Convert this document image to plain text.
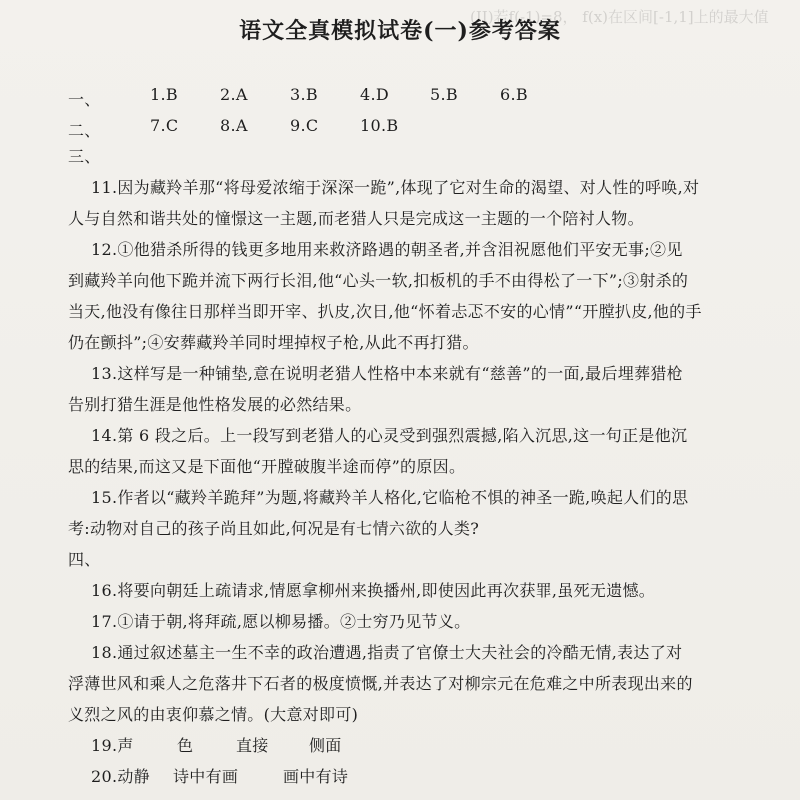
(II)若f(-1)=8， f(x)在区间[-1,1]上的最大值
语文全真模拟试卷(一)参考答案
一、	1.B	2.A	3.B	4.D	5.B	6.B
二、	7.C	8.A	9.C	10.B
三、
11.因为藏羚羊那“将母爱浓缩于深深一跪”,体现了它对生命的渴望、对人性的呼唤,对
人与自然和谐共处的憧憬这一主题,而老猎人只是完成这一主题的一个陪衬人物。
12.①他猎杀所得的钱更多地用来救济路遇的朝圣者,并含泪祝愿他们平安无事;②见
到藏羚羊向他下跪并流下两行长泪,他“心头一软,扣板机的手不由得松了一下”;③射杀的
当天,他没有像往日那样当即开宰、扒皮,次日,他“怀着忐忑不安的心情”“开膛扒皮,他的手
仍在颤抖”;④安葬藏羚羊同时埋掉杈子枪,从此不再打猎。
13.这样写是一种铺垫,意在说明老猎人性格中本来就有“慈善”的一面,最后埋葬猎枪
告别打猎生涯是他性格发展的必然结果。
14.第 6 段之后。上一段写到老猎人的心灵受到强烈震撼,陷入沉思,这一句正是他沉
思的结果,而这又是下面他“开膛破腹半途而停”的原因。
15.作者以“藏羚羊跪拜”为题,将藏羚羊人格化,它临枪不惧的神圣一跪,唤起人们的思
考:动物对自己的孩子尚且如此,何况是有七情六欲的人类?
四、
16.将要向朝廷上疏请求,情愿拿柳州来换播州,即使因此再次获罪,虽死无遗憾。
17.①请于朝,将拜疏,愿以柳易播。②士穷乃见节义。
18.通过叙述墓主一生不幸的政治遭遇,指责了官僚士大夫社会的冷酷无情,表达了对
浮薄世风和乘人之危落井下石者的极度愤慨,并表达了对柳宗元在危难之中所表现出来的
义烈之风的由衷仰慕之情。(大意对即可)
19.声	色	直接	侧面
20.动静 诗中有画	画中有诗
